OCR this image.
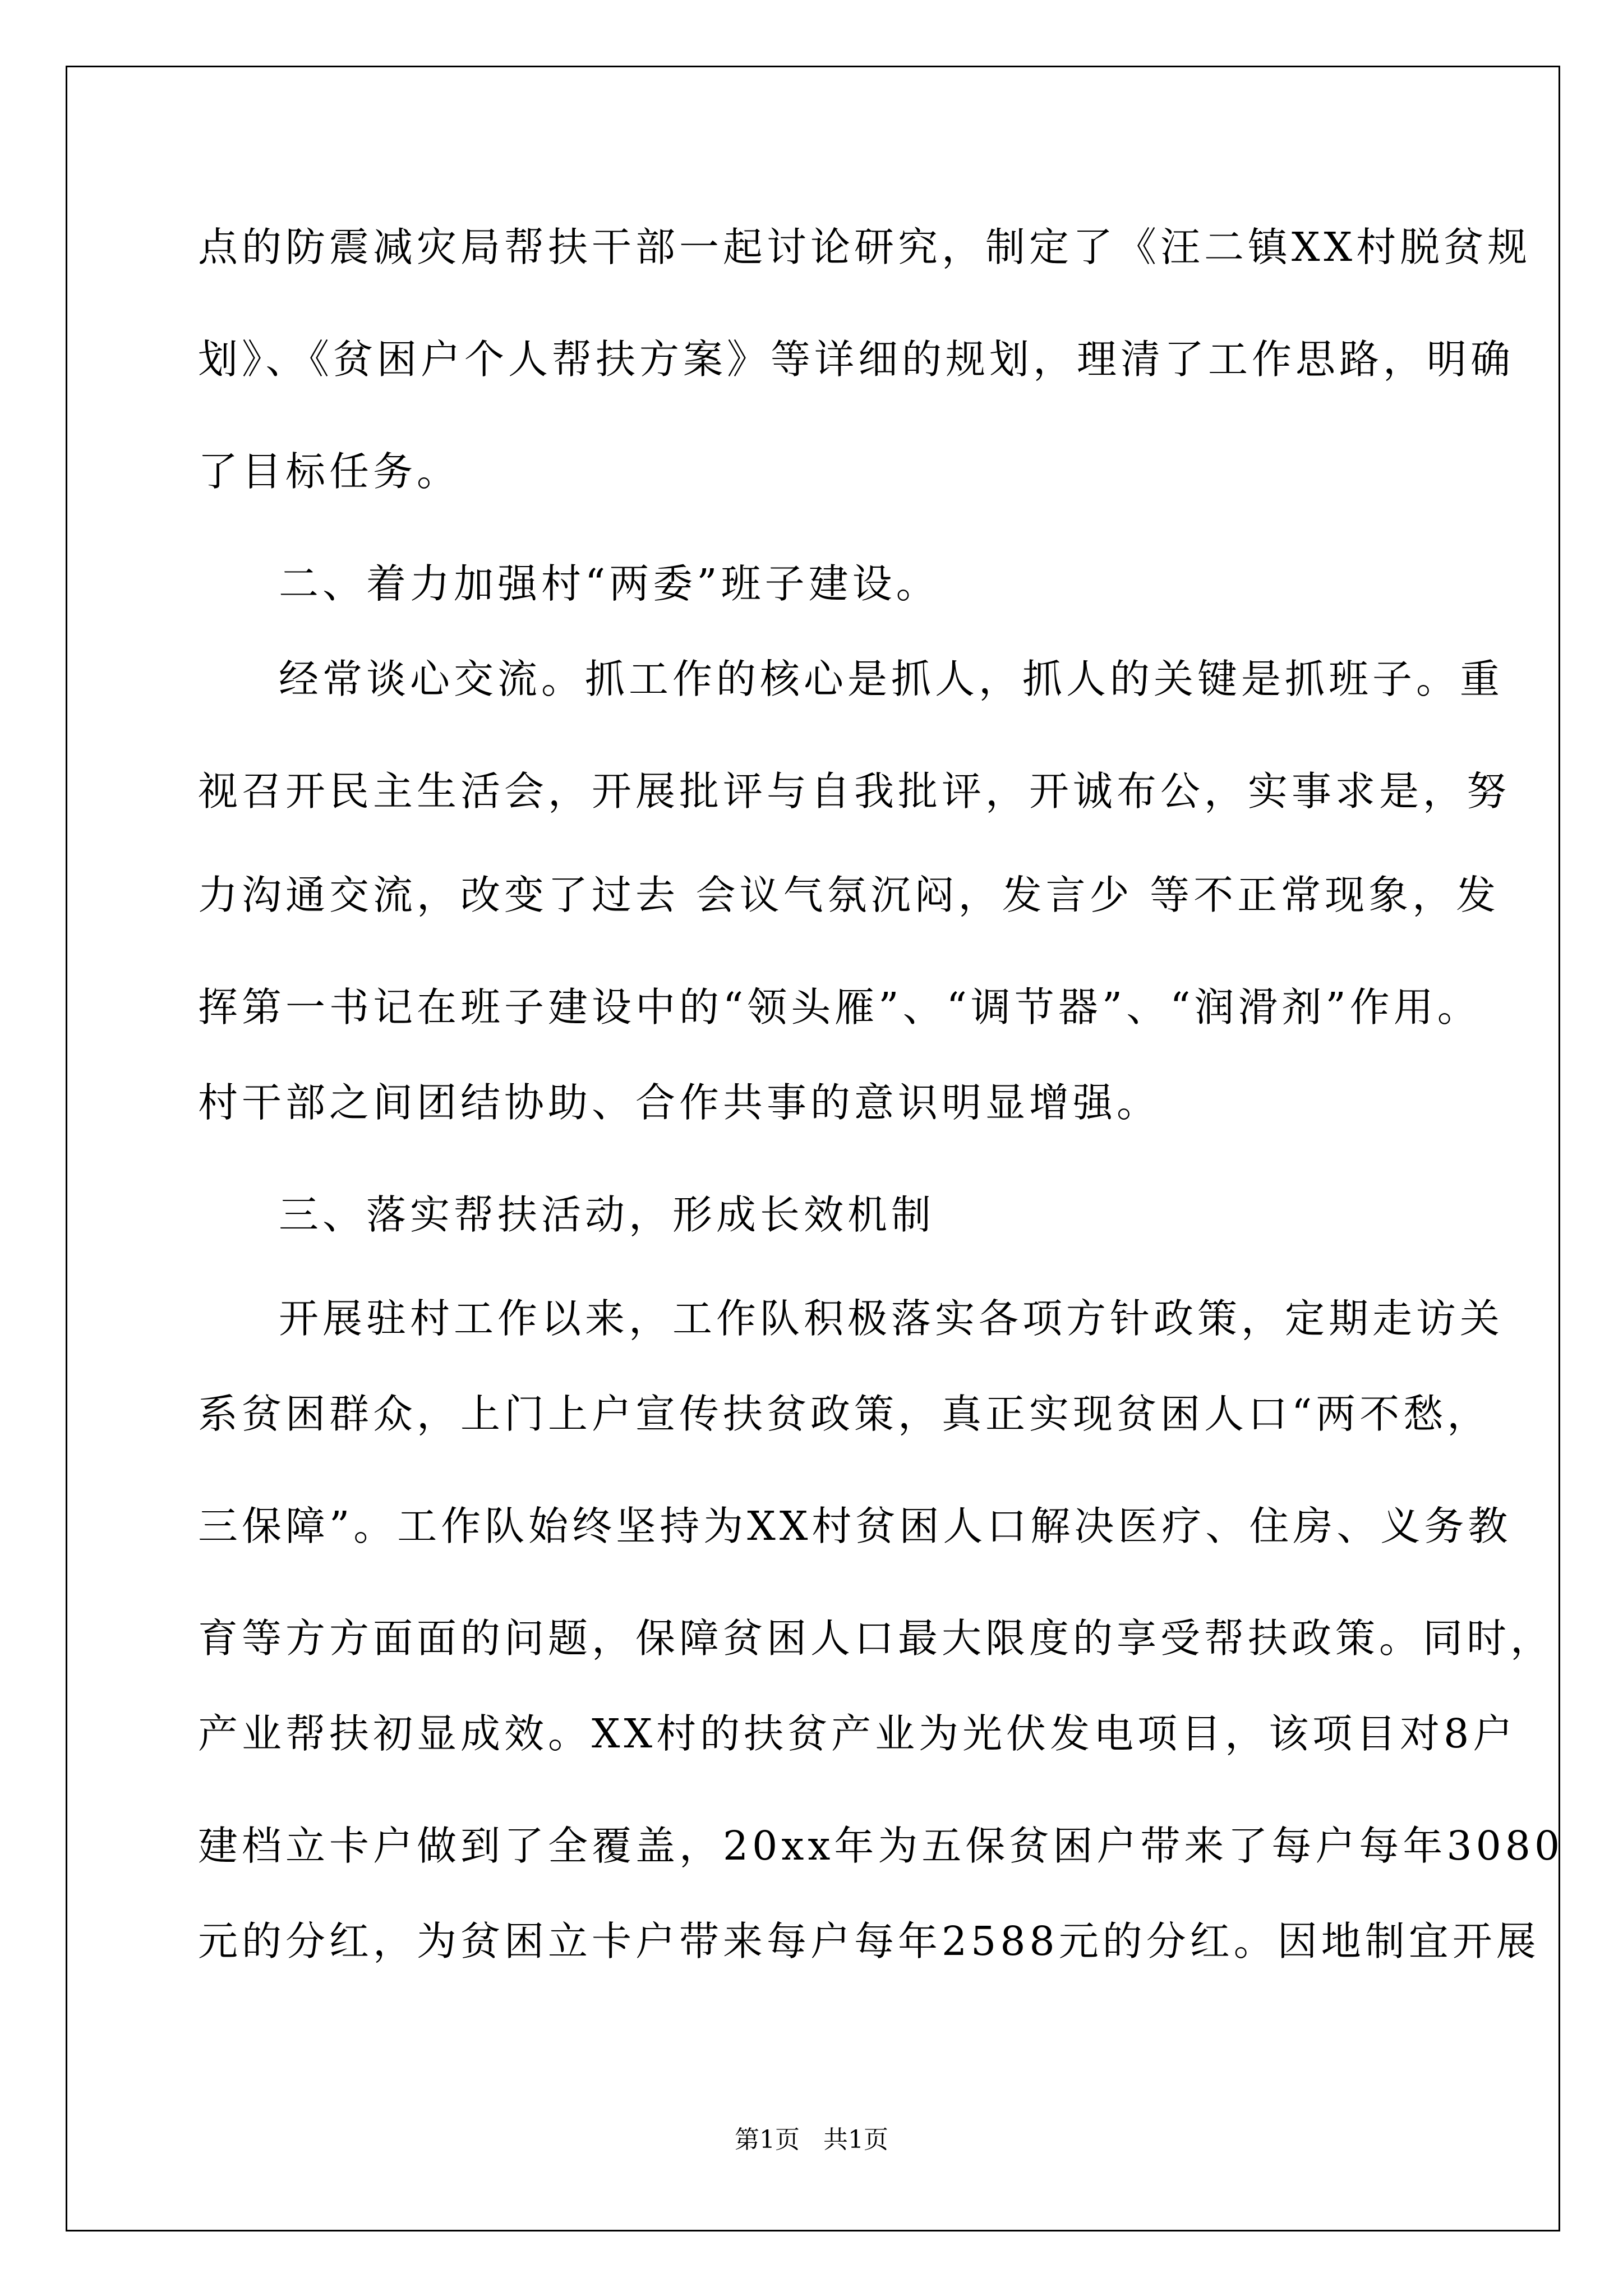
点的防震减灾局帮扶干部一起讨论研究，制定了《汪二镇XX村脱贫规
划》、《贫困户个人帮扶方案》等详细的规划，理清了工作思路，明确
了目标任务。
二、着力加强村“两委”班子建设。
经常谈心交流。抓工作的核心是抓人，抓人的关键是抓班子。重
视召开民主生活会，开展批评与自我批评，开诚布公，实事求是，努
力沟通交流，改变了过去 会议气氛沉闷，发言少 等不正常现象，发
挥第一书记在班子建设中的“领头雁”、“调节器”、“润滑剂”作用。
村干部之间团结协助、合作共事的意识明显增强。
三、落实帮扶活动，形成长效机制
开展驻村工作以来，工作队积极落实各项方针政策，定期走访关
系贫困群众，上门上户宣传扶贫政策，真正实现贫困人口“两不愁，
三保障”。工作队始终坚持为XX村贫困人口解决医疗、住房、义务教
育等方方面面的问题，保障贫困人口最大限度的享受帮扶政策。同时，
产业帮扶初显成效。XX村的扶贫产业为光伏发电项目，该项目对8户
建档立卡户做到了全覆盖，20xx年为五保贫困户带来了每户每年3080
元的分红，为贫困立卡户带来每户每年2588元的分红。因地制宜开展
第1页   共1页
